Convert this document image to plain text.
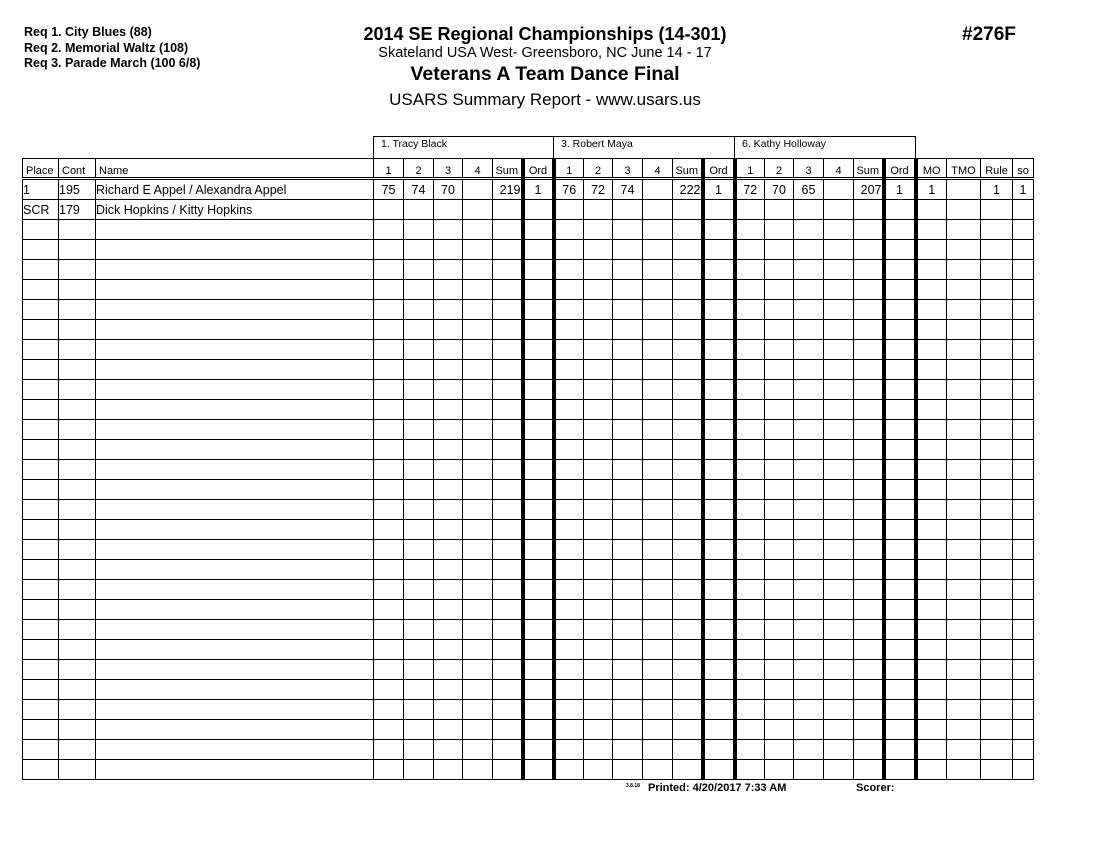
Req 1. City Blues (88)
Req 2. Memorial Waltz (108)
Req 3. Parade March (100 6/8)
2014 SE Regional Championships (14-301)
Skateland USA West- Greensboro, NC June 14 - 17
Veterans A Team Dance Final
USARS Summary Report - www.usars.us
#276F
1. Tracy Black	3. Robert Maya	6. Kathy Holloway
Place	Cont	Name	1	2	3	4	Sum	Ord	1	2	3	4	Sum	Ord	1	2	3	4	Sum	Ord	MO	TMO	Rule	so
1	195	Richard E Appel / Alexandra Appel	75	74	70		219	1	76	72	74		222	1	72	70	65		207	1	1		1	1
SCR	179	Dick Hopkins / Kitty Hopkins																						

3.8.18 Printed: 4/20/2017 7:33 AM	Scorer:
